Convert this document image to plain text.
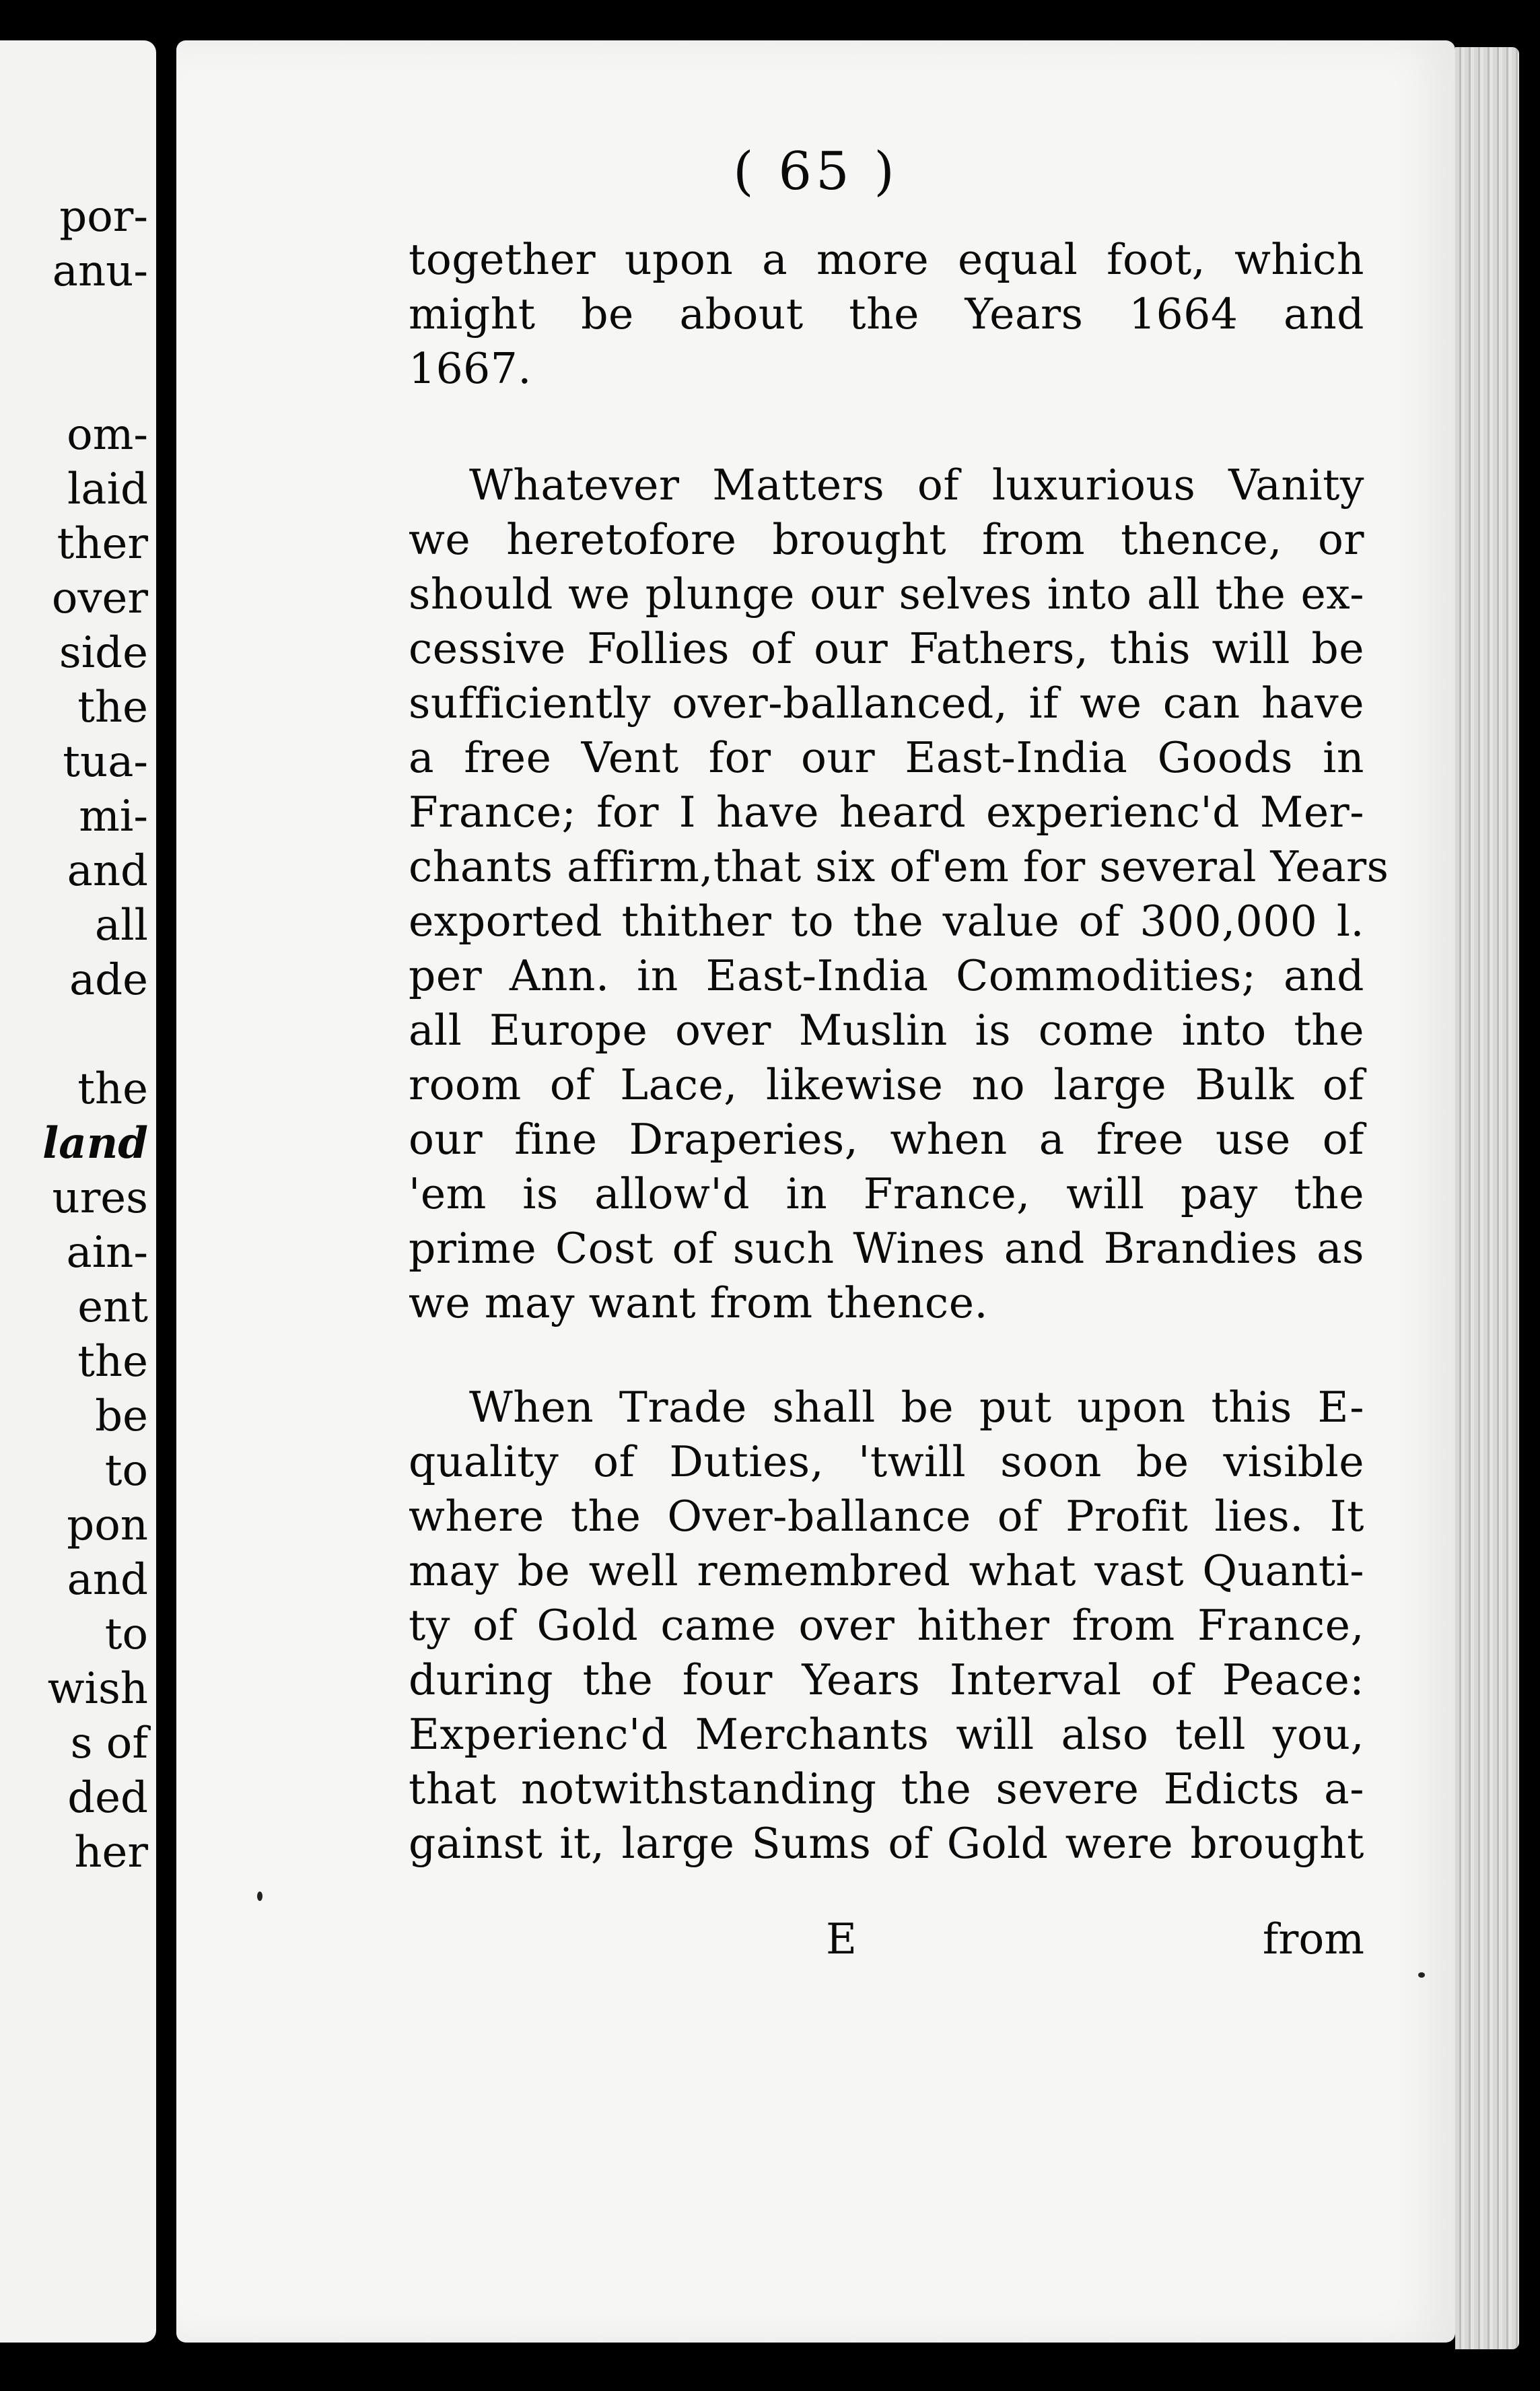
por-
anu-
om-
laid
ther
over
side
the
tua-
mi-
and
all
ade
the
land
ures
ain-
ent
the
be
to
pon
and
to
wish
s of
ded
her
( 65 )
together upon a more equal foot, which
might be about the Years 1664 and
1667.
Whatever Matters of luxurious Vanity
we heretofore brought from thence, or
should we plunge our selves into all the ex-
cessive Follies of our Fathers, this will be
sufficiently over-ballanced, if we can have
a free Vent for our East-India Goods in
France; for I have heard experienc'd Mer-
chants affirm,that six of'em for several Years
exported thither to the value of 300,000 l.
per Ann. in East-India Commodities; and
all Europe over Muslin is come into the
room of Lace, likewise no large Bulk of
our fine Draperies, when a free use of
'em is allow'd in France, will pay the
prime Cost of such Wines and Brandies as
we may want from thence.
When Trade shall be put upon this E-
quality of Duties, 'twill soon be visible
where the Over-ballance of Profit lies. It
may be well remembred what vast Quanti-
ty of Gold came over hither from France,
during the four Years Interval of Peace:
Experienc'd Merchants will also tell you,
that notwithstanding the severe Edicts a-
gainst it, large Sums of Gold were brought
E	from
